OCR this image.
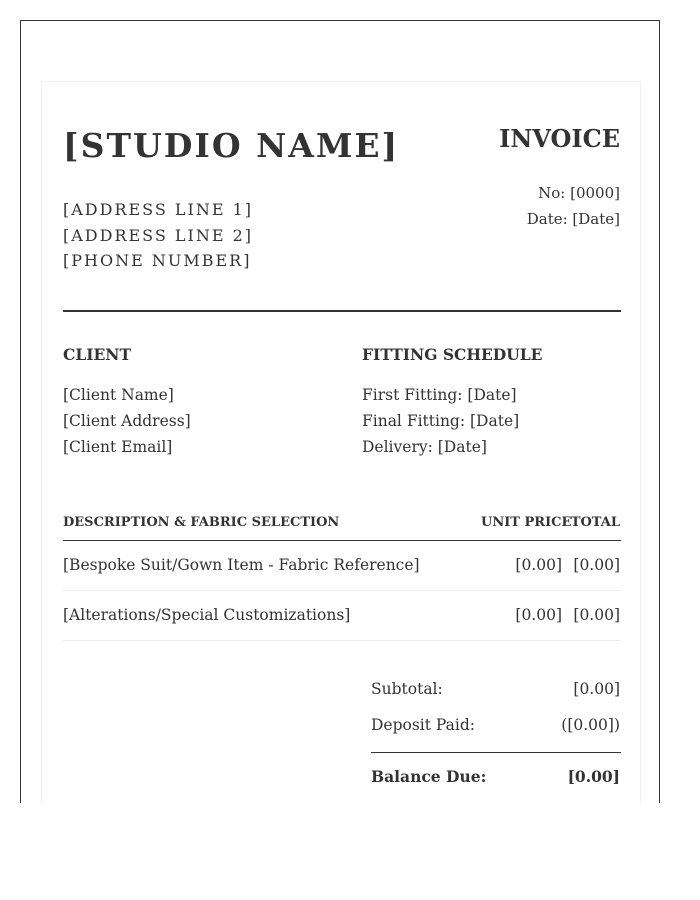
[STUDIO NAME]
[ADDRESS LINE 1]
[ADDRESS LINE 2]
[PHONE NUMBER]
INVOICE
No: [0000]
Date: [Date]
CLIENT
[Client Name]
[Client Address]
[Client Email]
FITTING SCHEDULE
First Fitting: [Date]
Final Fitting: [Date]
Delivery: [Date]
DESCRIPTION & FABRIC SELECTION	UNIT PRICE TOTAL
[Bespoke Suit/Gown Item - Fabric Reference]	[0.00] [0.00]
[Alterations/Special Customizations]	[0.00] [0.00]
Subtotal:	[0.00]
Deposit Paid:	([0.00])
Balance Due:	[0.00]
